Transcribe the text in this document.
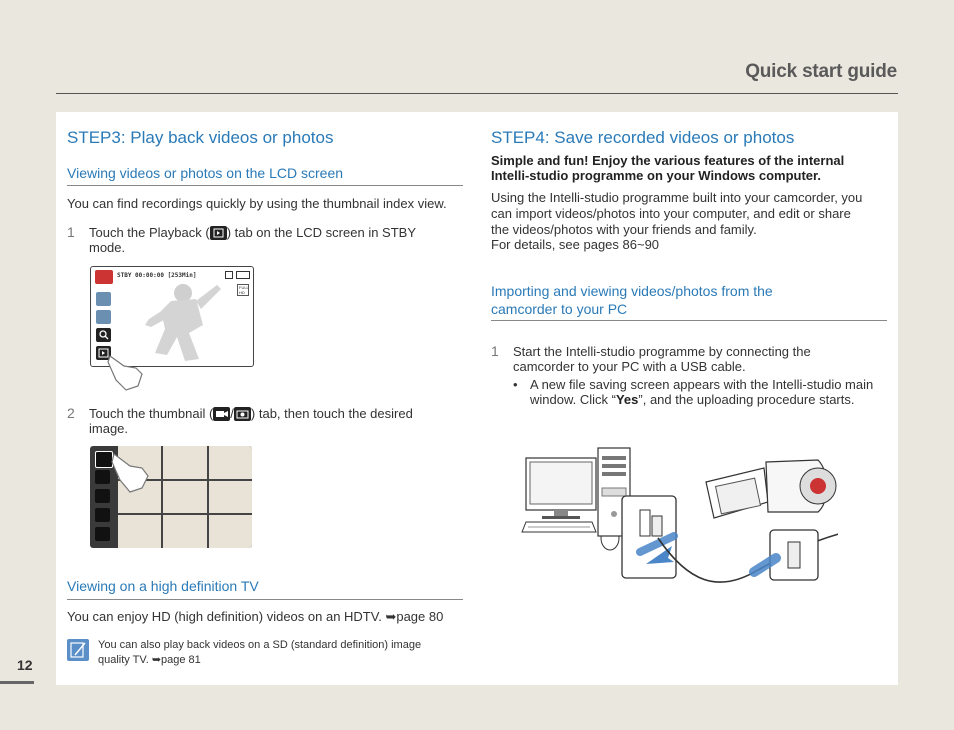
Quick start guide
STEP3: Play back videos or photos
Viewing videos or photos on the LCD screen
You can find recordings quickly by using the thumbnail index view.
1 Touch the Playback ( ) tab on the LCD screen in STBY
mode.
STBY 00:00:00 [253Min]
FULL HD
2 Touch the thumbnail ( / ) tab, then touch the desired
image.
Viewing on a high definition TV
You can enjoy HD (high definition) videos on an HDTV. ➥page 80
You can also play back videos on a SD (standard definition) image
quality TV. ➥page 81
STEP4: Save recorded videos or photos
Simple and fun! Enjoy the various features of the internal
Intelli-studio programme on your Windows computer.
Using the Intelli-studio programme built into your camcorder, you
can import videos/photos into your computer, and edit or share
the videos/photos with your friends and family.
For details, see pages 86~90
Importing and viewing videos/photos from the
camcorder to your PC
1 Start the Intelli-studio programme by connecting the
camcorder to your PC with a USB cable.
• A new file saving screen appears with the Intelli-studio main
window. Click “Yes”, and the uploading procedure starts.
12
